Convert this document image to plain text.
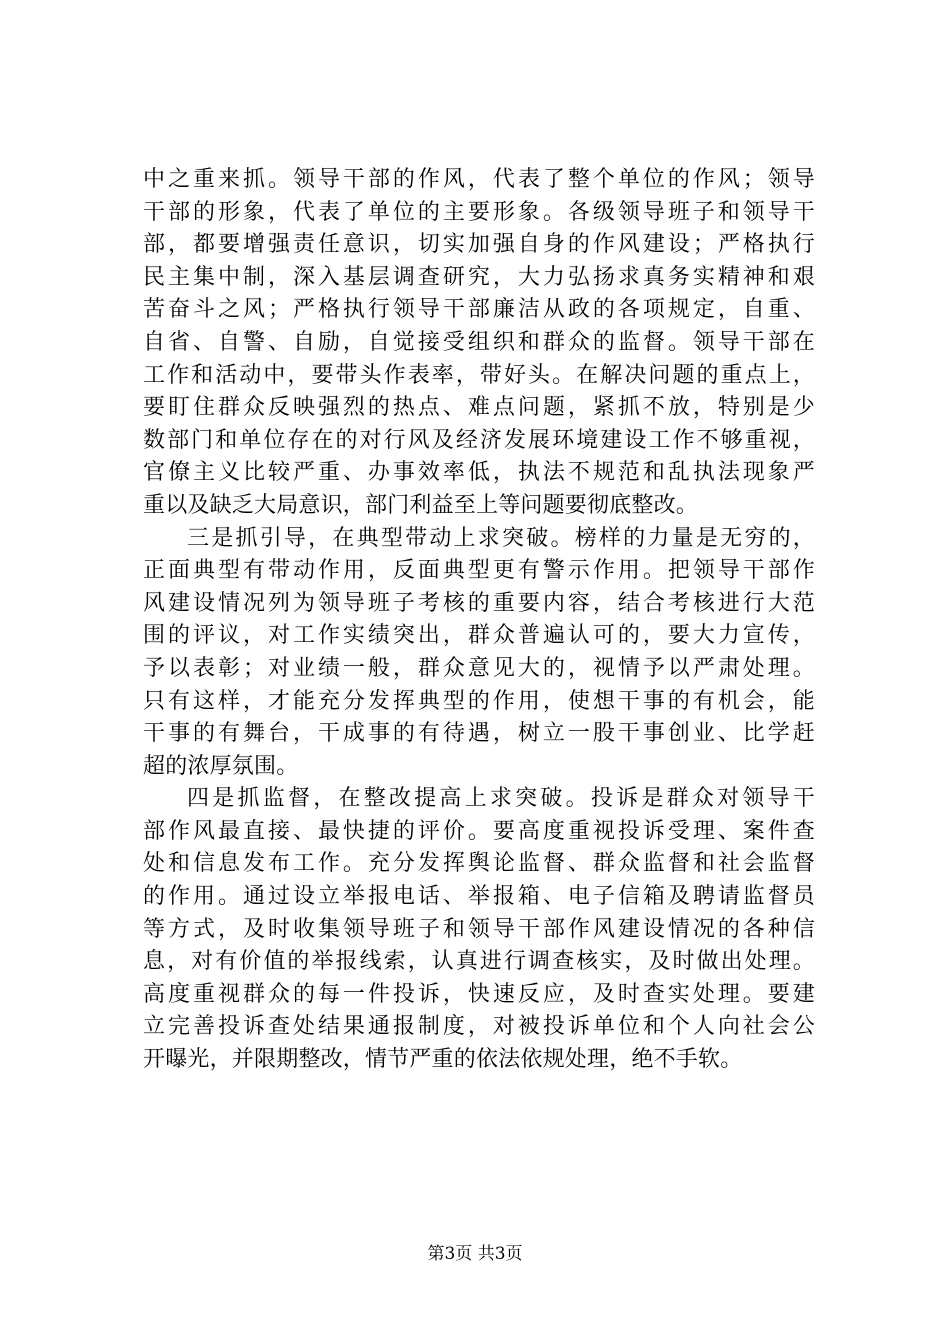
中之重来抓。领导干部的作风，代表了整个单位的作风；领导
干部的形象，代表了单位的主要形象。各级领导班子和领导干
部，都要增强责任意识，切实加强自身的作风建设；严格执行
民主集中制，深入基层调查研究，大力弘扬求真务实精神和艰
苦奋斗之风；严格执行领导干部廉洁从政的各项规定，自重、
自省、自警、自励，自觉接受组织和群众的监督。领导干部在
工作和活动中，要带头作表率，带好头。在解决问题的重点上，
要盯住群众反映强烈的热点、难点问题，紧抓不放，特别是少
数部门和单位存在的对行风及经济发展环境建设工作不够重视，
官僚主义比较严重、办事效率低，执法不规范和乱执法现象严
重以及缺乏大局意识，部门利益至上等问题要彻底整改。
三是抓引导，在典型带动上求突破。榜样的力量是无穷的，
正面典型有带动作用，反面典型更有警示作用。把领导干部作
风建设情况列为领导班子考核的重要内容，结合考核进行大范
围的评议，对工作实绩突出，群众普遍认可的，要大力宣传，
予以表彰；对业绩一般，群众意见大的，视情予以严肃处理。
只有这样，才能充分发挥典型的作用，使想干事的有机会，能
干事的有舞台，干成事的有待遇，树立一股干事创业、比学赶
超的浓厚氛围。
四是抓监督，在整改提高上求突破。投诉是群众对领导干
部作风最直接、最快捷的评价。要高度重视投诉受理、案件查
处和信息发布工作。充分发挥舆论监督、群众监督和社会监督
的作用。通过设立举报电话、举报箱、电子信箱及聘请监督员
等方式，及时收集领导班子和领导干部作风建设情况的各种信
息，对有价值的举报线索，认真进行调查核实，及时做出处理。
高度重视群众的每一件投诉，快速反应，及时查实处理。要建
立完善投诉查处结果通报制度，对被投诉单位和个人向社会公
开曝光，并限期整改，情节严重的依法依规处理，绝不手软。
第3页 共3页
